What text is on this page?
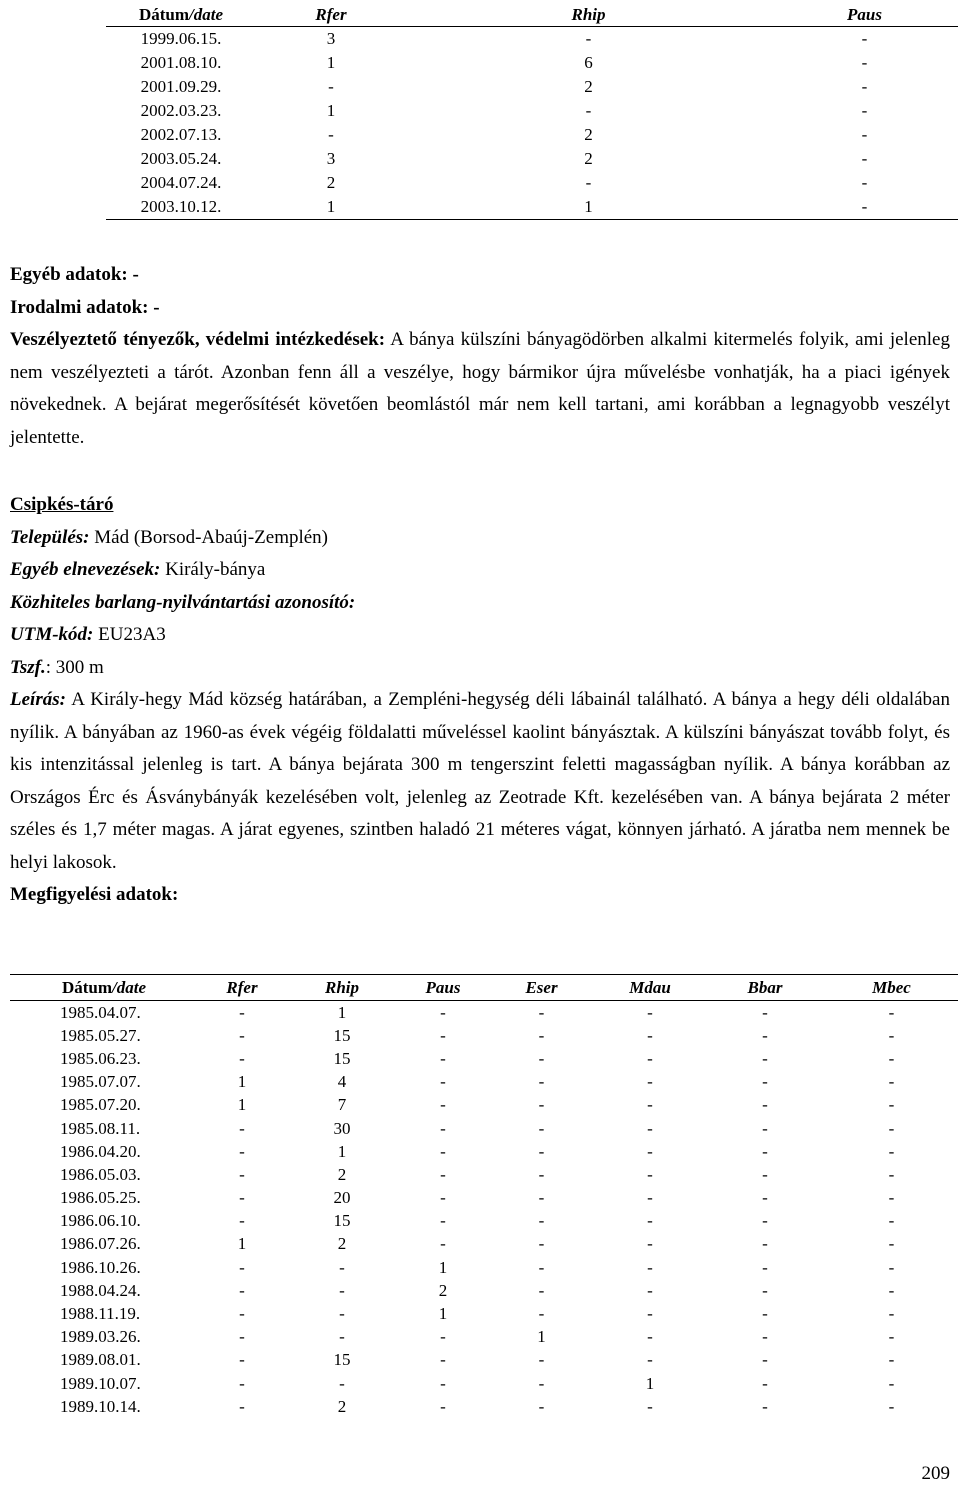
Dátum/date	Rfer	Rhip	Paus
1999.06.15.	3	-	-
2001.08.10.	1	6	-
2001.09.29.	-	2	-
2002.03.23.	1	-	-
2002.07.13.	-	2	-
2003.05.24.	3	2	-
2004.07.24.	2	-	-
2003.10.12.	1	1	-

Egyéb adatok: -

Irodalmi adatok: -

Veszélyeztető tényezők, védelmi intézkedések: A bánya külszíni bányagödörben alkalmi kitermelés folyik, ami jelenleg nem veszélyezteti a tárót. Azonban fenn áll a veszélye, hogy bármikor újra művelésbe vonhatják, ha a piaci igények növekednek. A bejárat megerősítését követően beomlástól már nem kell tartani, ami korábban a legnagyobb veszélyt jelentette.

Csipkés-táró

Település: Mád (Borsod-Abaúj-Zemplén)

Egyéb elnevezések: Király-bánya

Közhiteles barlang-nyilvántartási azonosító:

UTM-kód: EU23A3

Tszf.: 300 m

Leírás: A Király-hegy Mád község határában, a Zempléni-hegység déli lábainál található. A bánya a hegy déli oldalában nyílik. A bányában az 1960-as évek végéig földalatti műveléssel kaolint bányásztak. A külszíni bányászat tovább folyt, és kis intenzitással jelenleg is tart. A bánya bejárata 300 m tengerszint feletti magasságban nyílik. A bánya korábban az Országos Érc és Ásványbányák kezelésében volt, jelenleg az Zeotrade Kft. kezelésében van. A bánya bejárata 2 méter széles és 1,7 méter magas. A járat egyenes, szintben haladó 21 méteres vágat, könnyen járható. A járatba nem mennek be helyi lakosok.

Megfigyelési adatok:

Dátum/date	Rfer	Rhip	Paus	Eser	Mdau	Bbar	Mbec
1985.04.07.	-	1	-	-	-	-	-
1985.05.27.	-	15	-	-	-	-	-
1985.06.23.	-	15	-	-	-	-	-
1985.07.07.	1	4	-	-	-	-	-
1985.07.20.	1	7	-	-	-	-	-
1985.08.11.	-	30	-	-	-	-	-
1986.04.20.	-	1	-	-	-	-	-
1986.05.03.	-	2	-	-	-	-	-
1986.05.25.	-	20	-	-	-	-	-
1986.06.10.	-	15	-	-	-	-	-
1986.07.26.	1	2	-	-	-	-	-
1986.10.26.	-	-	1	-	-	-	-
1988.04.24.	-	-	2	-	-	-	-
1988.11.19.	-	-	1	-	-	-	-
1989.03.26.	-	-	-	1	-	-	-
1989.08.01.	-	15	-	-	-	-	-
1989.10.07.	-	-	-	-	1	-	-
1989.10.14.	-	2	-	-	-	-	-
209
